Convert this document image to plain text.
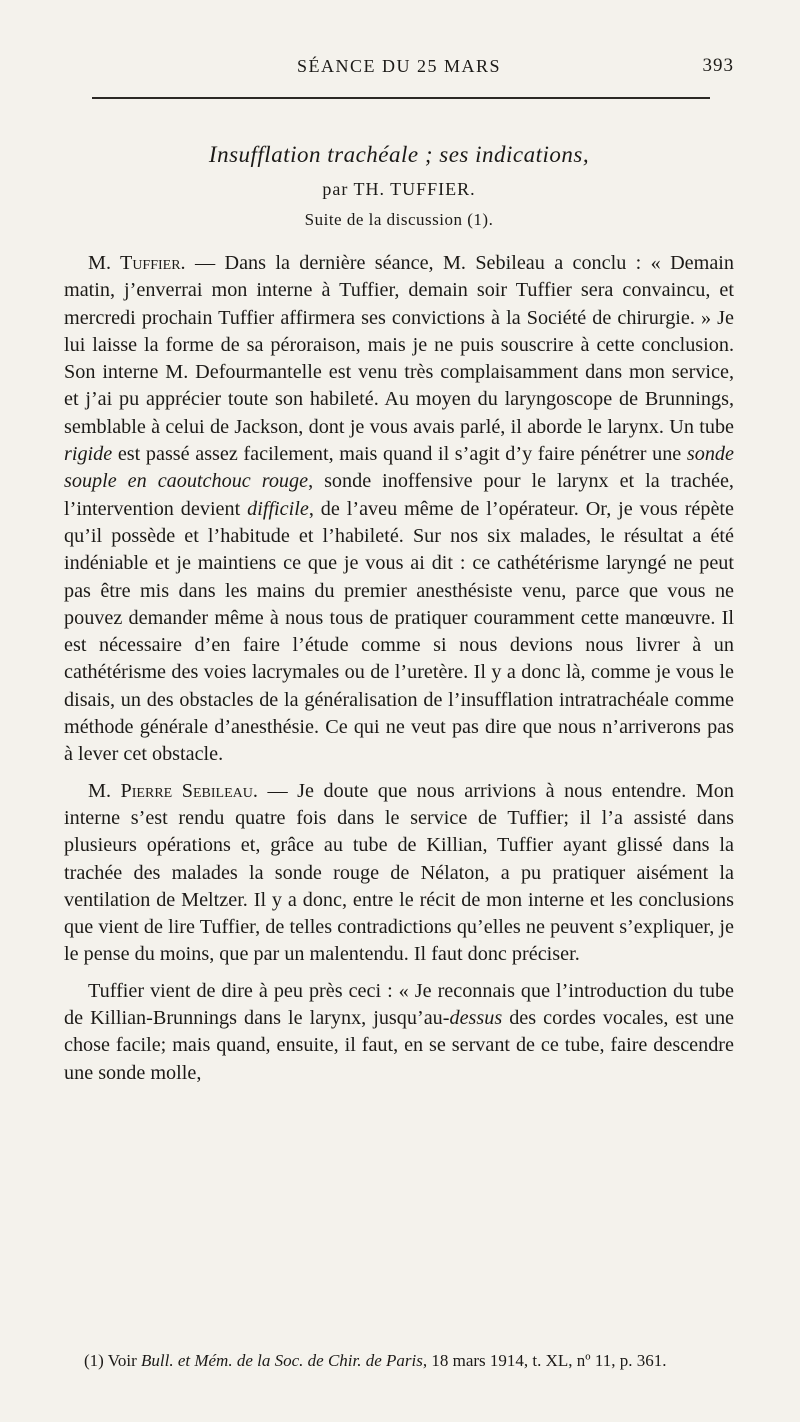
SÉANCE DU 25 MARS	393
Insufflation trachéale ; ses indications,
par TH. TUFFIER.
Suite de la discussion (1).

M. Tuffier. — Dans la dernière séance, M. Sebileau a conclu : « Demain matin, j’enverrai mon interne à Tuffier, demain soir Tuffier sera convaincu, et mercredi prochain Tuffier affirmera ses convictions à la Société de chirurgie. » Je lui laisse la forme de sa péroraison, mais je ne puis souscrire à cette conclusion. Son interne M. Defourmantelle est venu très complaisamment dans mon service, et j’ai pu apprécier toute son habileté. Au moyen du laryngoscope de Brunnings, semblable à celui de Jackson, dont je vous avais parlé, il aborde le larynx. Un tube rigide est passé assez facilement, mais quand il s’agit d’y faire pénétrer une sonde souple en caoutchouc rouge, sonde inoffensive pour le larynx et la trachée, l’intervention devient difficile, de l’aveu même de l’opérateur. Or, je vous répète qu’il possède et l’habitude et l’habileté. Sur nos six malades, le résultat a été indéniable et je maintiens ce que je vous ai dit : ce cathétérisme laryngé ne peut pas être mis dans les mains du premier anesthésiste venu, parce que vous ne pouvez demander même à nous tous de pratiquer couramment cette manœuvre. Il est nécessaire d’en faire l’étude comme si nous devions nous livrer à un cathétérisme des voies lacrymales ou de l’uretère. Il y a donc là, comme je vous le disais, un des obstacles de la généralisation de l’insufflation intratrachéale comme méthode générale d’anesthésie. Ce qui ne veut pas dire que nous n’arriverons pas à lever cet obstacle.

M. Pierre Sebileau. — Je doute que nous arrivions à nous entendre. Mon interne s’est rendu quatre fois dans le service de Tuffier; il l’a assisté dans plusieurs opérations et, grâce au tube de Killian, Tuffier ayant glissé dans la trachée des malades la sonde rouge de Nélaton, a pu pratiquer aisément la ventilation de Meltzer. Il y a donc, entre le récit de mon interne et les conclusions que vient de lire Tuffier, de telles contradictions qu’elles ne peuvent s’expliquer, je le pense du moins, que par un malentendu. Il faut donc préciser.

Tuffier vient de dire à peu près ceci : « Je reconnais que l’introduction du tube de Killian-Brunnings dans le larynx, jusqu’au-dessus des cordes vocales, est une chose facile; mais quand, ensuite, il faut, en se servant de ce tube, faire descendre une sonde molle,

(1) Voir Bull. et Mém. de la Soc. de Chir. de Paris, 18 mars 1914, t. XL, nº 11, p. 361.
